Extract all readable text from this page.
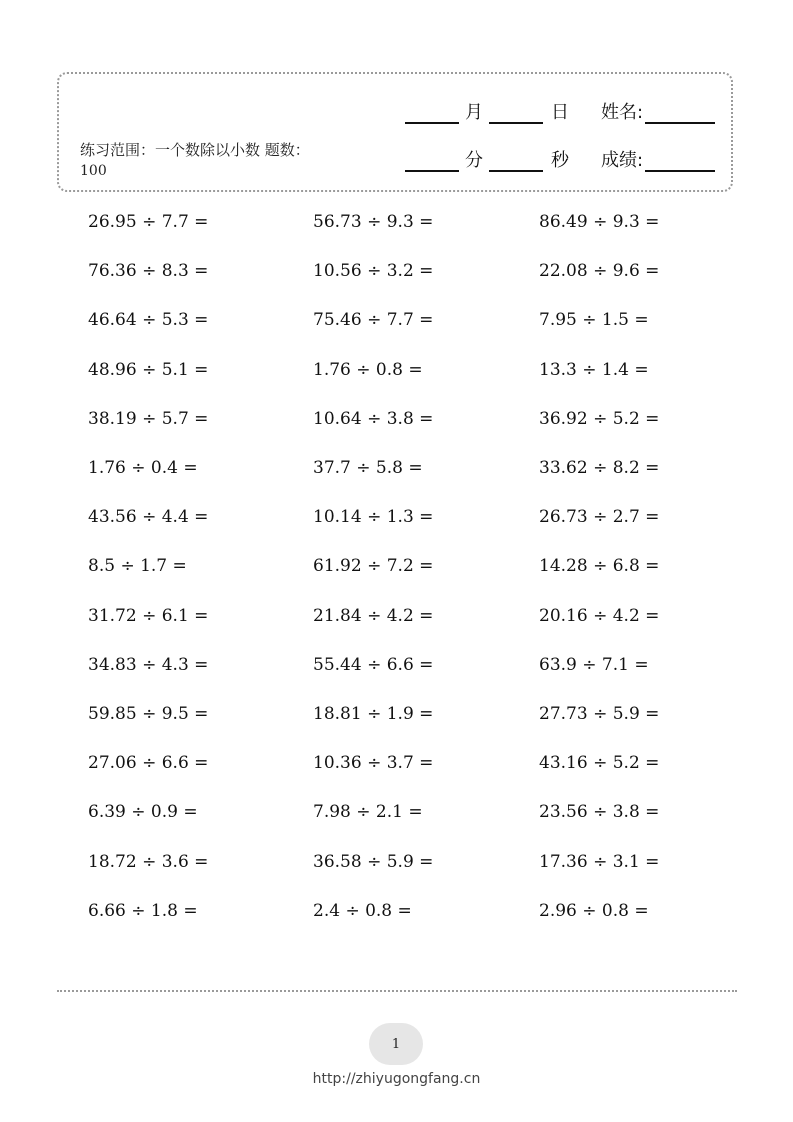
练习范围：一个数除以小数 题数：100
月	日 姓名:
分	秒 成绩:
26.95 ÷ 7.7 =	56.73 ÷ 9.3 =	86.49 ÷ 9.3 =
76.36 ÷ 8.3 =	10.56 ÷ 3.2 =	22.08 ÷ 9.6 =
46.64 ÷ 5.3 =	75.46 ÷ 7.7 =	7.95 ÷ 1.5 =
48.96 ÷ 5.1 =	1.76 ÷ 0.8 =	13.3 ÷ 1.4 =
38.19 ÷ 5.7 =	10.64 ÷ 3.8 =	36.92 ÷ 5.2 =
1.76 ÷ 0.4 =	37.7 ÷ 5.8 =	33.62 ÷ 8.2 =
43.56 ÷ 4.4 =	10.14 ÷ 1.3 =	26.73 ÷ 2.7 =
8.5 ÷ 1.7 =	61.92 ÷ 7.2 =	14.28 ÷ 6.8 =
31.72 ÷ 6.1 =	21.84 ÷ 4.2 =	20.16 ÷ 4.2 =
34.83 ÷ 4.3 =	55.44 ÷ 6.6 =	63.9 ÷ 7.1 =
59.85 ÷ 9.5 =	18.81 ÷ 1.9 =	27.73 ÷ 5.9 =
27.06 ÷ 6.6 =	10.36 ÷ 3.7 =	43.16 ÷ 5.2 =
6.39 ÷ 0.9 =	7.98 ÷ 2.1 =	23.56 ÷ 3.8 =
18.72 ÷ 3.6 =	36.58 ÷ 5.9 =	17.36 ÷ 3.1 =
6.66 ÷ 1.8 =	2.4 ÷ 0.8 =	2.96 ÷ 0.8 =
1
http://zhiyugongfang.cn
